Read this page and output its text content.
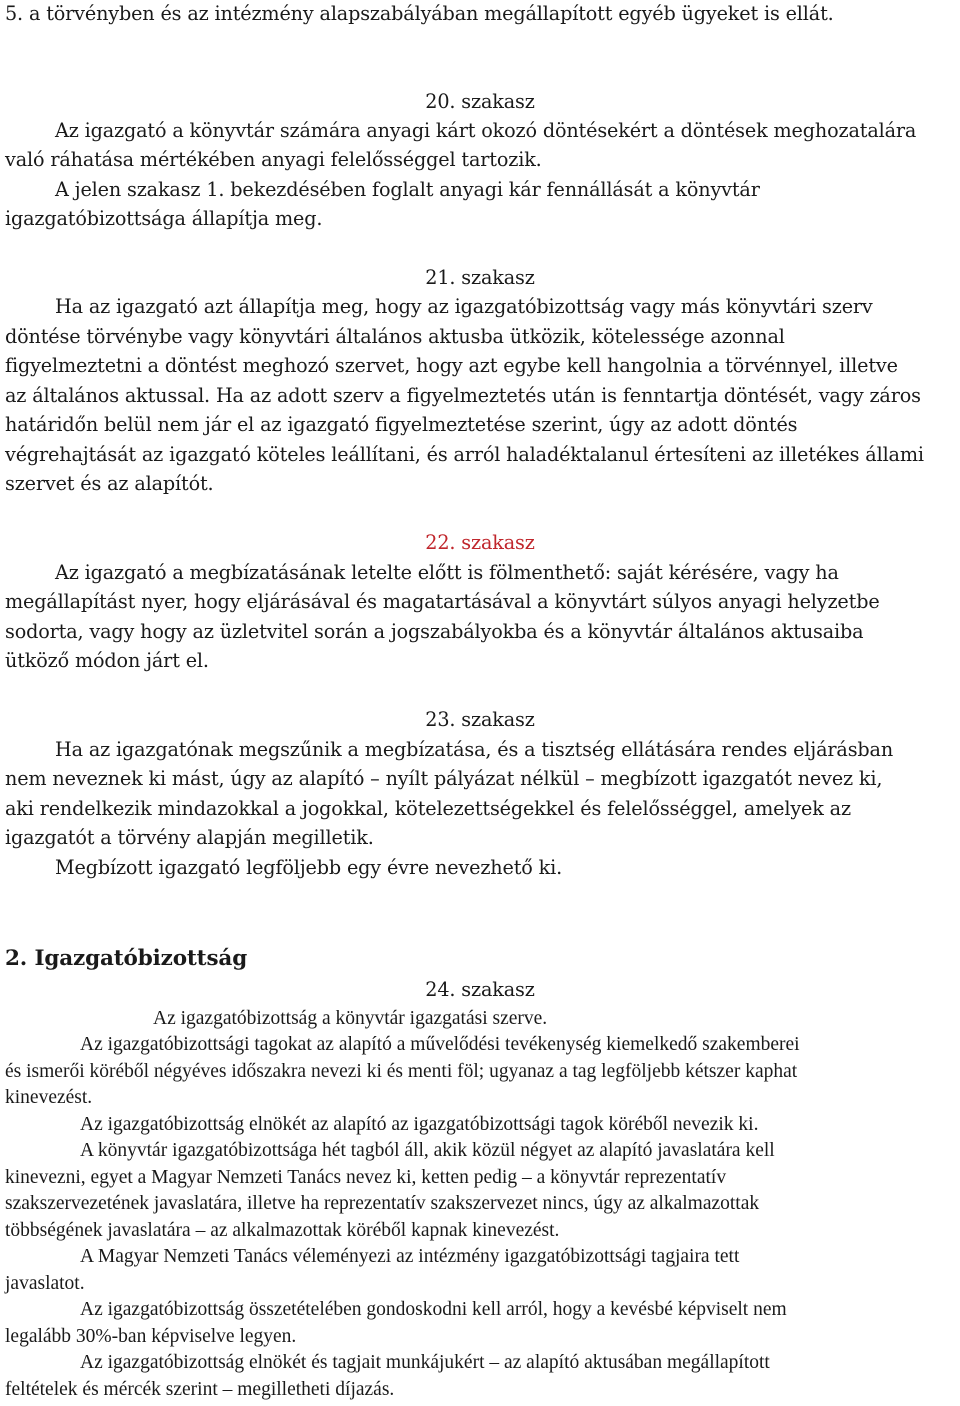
5. a törvényben és az intézmény alapszabályában megállapított egyéb ügyeket is ellát.
20. szakasz
Az igazgató a könyvtár számára anyagi kárt okozó döntésekért a döntések meghozatalára
való ráhatása mértékében anyagi felelősséggel tartozik.
A jelen szakasz 1. bekezdésében foglalt anyagi kár fennállását a könyvtár
igazgatóbizottsága állapítja meg.
21. szakasz
Ha az igazgató azt állapítja meg, hogy az igazgatóbizottság vagy más könyvtári szerv
döntése törvénybe vagy könyvtári általános aktusba ütközik, kötelessége azonnal
figyelmeztetni a döntést meghozó szervet, hogy azt egybe kell hangolnia a törvénnyel, illetve
az általános aktussal. Ha az adott szerv a figyelmeztetés után is fenntartja döntését, vagy záros
határidőn belül nem jár el az igazgató figyelmeztetése szerint, úgy az adott döntés
végrehajtását az igazgató köteles leállítani, és arról haladéktalanul értesíteni az illetékes állami
szervet és az alapítót.
22. szakasz
Az igazgató a megbízatásának letelte előtt is fölmenthető: saját kérésére, vagy ha
megállapítást nyer, hogy eljárásával és magatartásával a könyvtárt súlyos anyagi helyzetbe
sodorta, vagy hogy az üzletvitel során a jogszabályokba és a könyvtár általános aktusaiba
ütköző módon járt el.
23. szakasz
Ha az igazgatónak megszűnik a megbízatása, és a tisztség ellátására rendes eljárásban
nem neveznek ki mást, úgy az alapító – nyílt pályázat nélkül – megbízott igazgatót nevez ki,
aki rendelkezik mindazokkal a jogokkal, kötelezettségekkel és felelősséggel, amelyek az
igazgatót a törvény alapján megilletik.
Megbízott igazgató legföljebb egy évre nevezhető ki.
2. Igazgatóbizottság
24. szakasz
Az igazgatóbizottság a könyvtár igazgatási szerve.
Az igazgatóbizottsági tagokat az alapító a művelődési tevékenység kiemelkedő szakemberei
és ismerői köréből négyéves időszakra nevezi ki és menti föl; ugyanaz a tag legföljebb kétszer kaphat
kinevezést.
Az igazgatóbizottság elnökét az alapító az igazgatóbizottsági tagok köréből nevezik ki.
A könyvtár igazgatóbizottsága hét tagból áll, akik közül négyet az alapító javaslatára kell
kinevezni, egyet a Magyar Nemzeti Tanács nevez ki, ketten pedig – a könyvtár reprezentatív
szakszervezetének javaslatára, illetve ha reprezentatív szakszervezet nincs, úgy az alkalmazottak
többségének javaslatára – az alkalmazottak köréből kapnak kinevezést.
A Magyar Nemzeti Tanács véleményezi az intézmény igazgatóbizottsági tagjaira tett
javaslatot.
Az igazgatóbizottság összetételében gondoskodni kell arról, hogy a kevésbé képviselt nem
legalább 30%-ban képviselve legyen.
Az igazgatóbizottság elnökét és tagjait munkájukért – az alapító aktusában megállapított
feltételek és mércék szerint – megilletheti díjazás.
